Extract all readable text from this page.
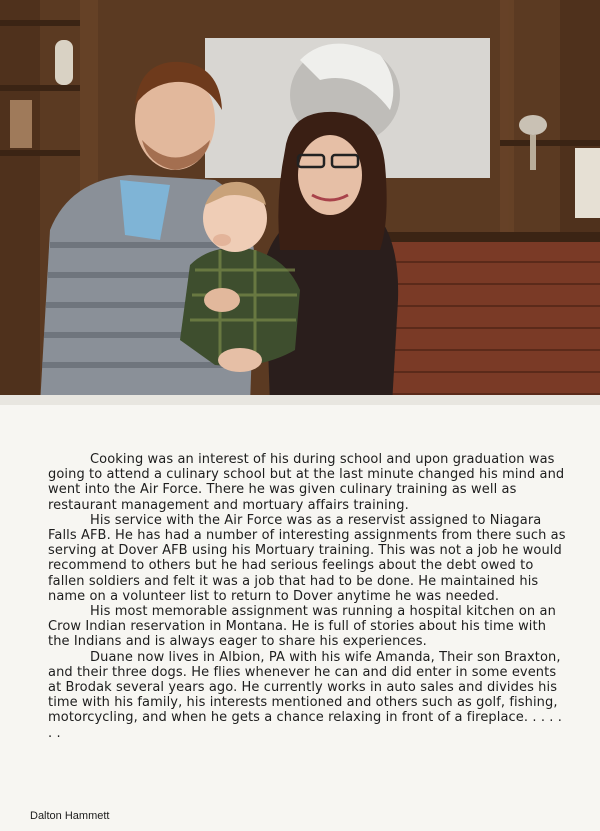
Cooking was an interest of his during school and upon graduation was going to attend a culinary school but at the last minute changed his mind and went into the Air Force. There he was given culinary training as well as restaurant management and mortuary affairs training.

His service with the Air Force was as a reservist assigned to Niagara Falls AFB. He has had a number of interesting assignments from there such as serving at Dover AFB using his Mortuary training. This was not a job he would recommend to others but he had serious feelings about the debt owed to fallen soldiers and felt it was a job that had to be done. He maintained his name on a volunteer list to return to Dover anytime he was needed.

His most memorable assignment was running a hospital kitchen on an Crow Indian reservation in Montana. He is full of stories about his time with the Indians and is always eager to share his experiences.

Duane now lives in Albion, PA with his wife Amanda, Their son Braxton, and their three dogs. He flies whenever he can and did enter in some events at Brodak several years ago. He currently works in auto sales and divides his time with his family, his interests mentioned and others such as golf, fishing, motorcycling, and when he gets a chance relaxing in front of a fireplace. . . . . . .

Dalton Hammett
